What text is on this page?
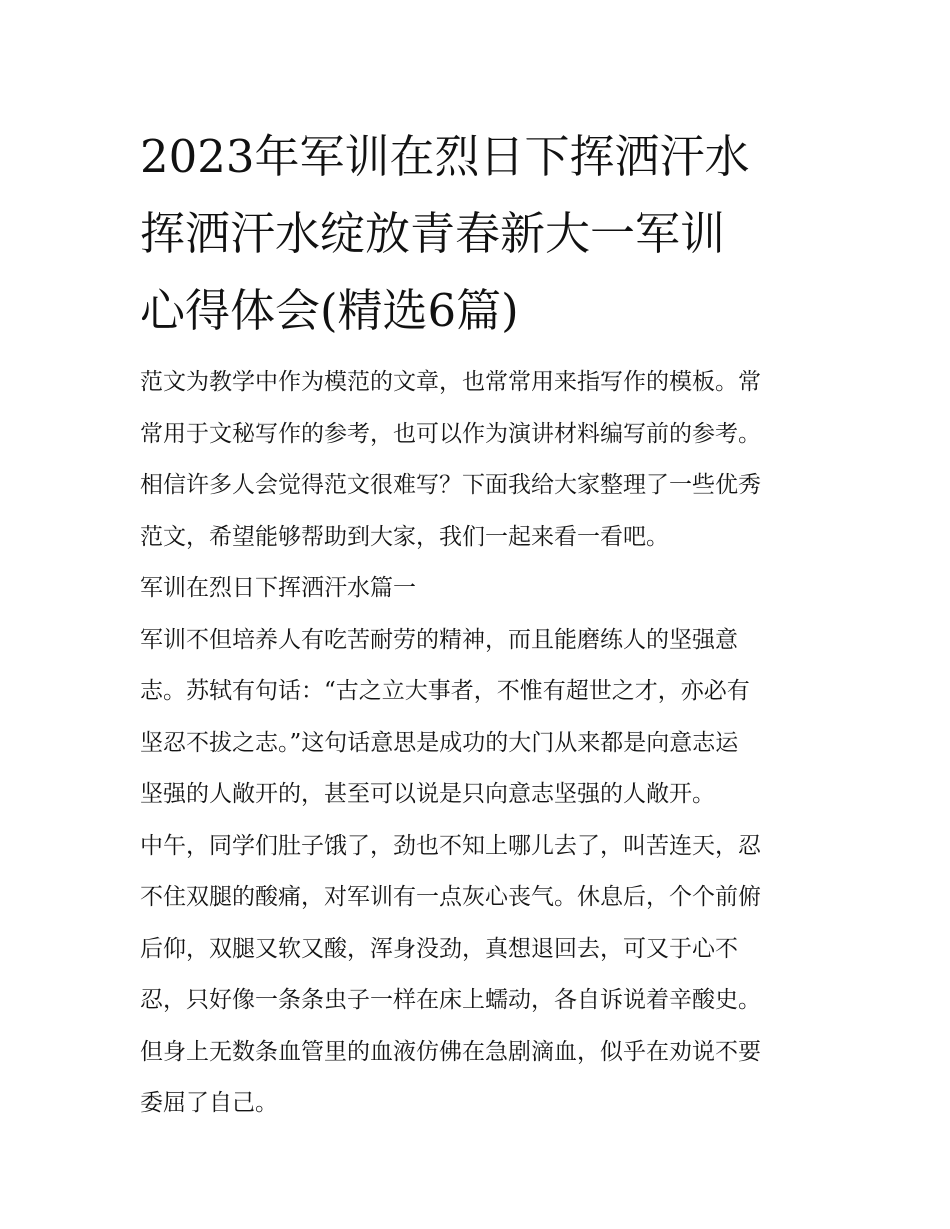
2023年军训在烈日下挥洒汗水
挥洒汗水绽放青春新大一军训
心得体会(精选6篇)
范文为教学中作为模范的文章，也常常用来指写作的模板。常
常用于文秘写作的参考，也可以作为演讲材料编写前的参考。
相信许多人会觉得范文很难写？下面我给大家整理了一些优秀
范文，希望能够帮助到大家，我们一起来看一看吧。
军训在烈日下挥洒汗水篇一
军训不但培养人有吃苦耐劳的精神，而且能磨练人的坚强意
志。苏轼有句话：“古之立大事者，不惟有超世之才，亦必有
坚忍不拔之志。”这句话意思是成功的大门从来都是向意志运
坚强的人敞开的，甚至可以说是只向意志坚强的人敞开。
中午，同学们肚子饿了，劲也不知上哪儿去了，叫苦连天，忍
不住双腿的酸痛，对军训有一点灰心丧气。休息后，个个前俯
后仰，双腿又软又酸，浑身没劲，真想退回去，可又于心不
忍，只好像一条条虫子一样在床上蠕动，各自诉说着辛酸史。
但身上无数条血管里的血液仿佛在急剧滴血，似乎在劝说不要
委屈了自己。
